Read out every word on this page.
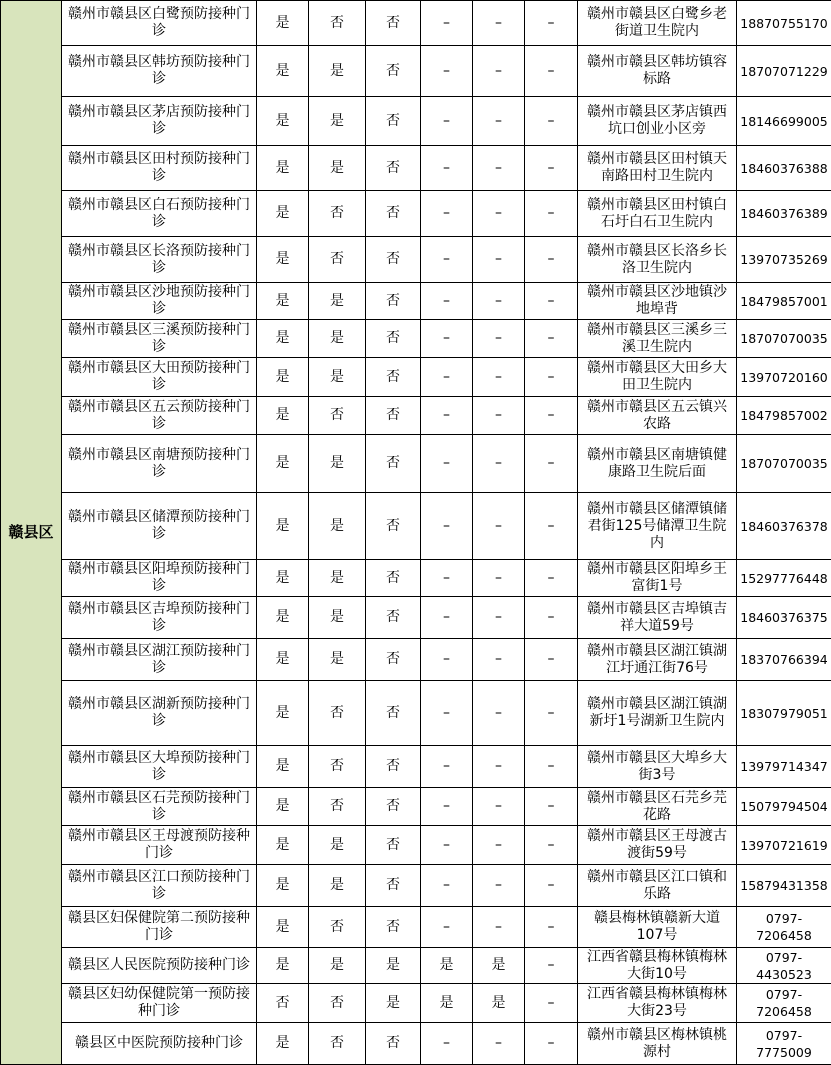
赣县区	赣州市赣县区白鹭预防接种门诊	是	否	否	–	–	–	赣州市赣县区白鹭乡老街道卫生院内	18870755170
	赣州市赣县区韩坊预防接种门诊	是	是	否	–	–	–	赣州市赣县区韩坊镇容标路	18707071229
	赣州市赣县区茅店预防接种门诊	是	是	否	–	–	–	赣州市赣县区茅店镇西坑口创业小区旁	18146699005
	赣州市赣县区田村预防接种门诊	是	是	否	–	–	–	赣州市赣县区田村镇天南路田村卫生院内	18460376388
	赣州市赣县区白石预防接种门诊	是	否	否	–	–	–	赣州市赣县区田村镇白石圩白石卫生院内	18460376389
	赣州市赣县区长洛预防接种门诊	是	否	否	–	–	–	赣州市赣县区长洛乡长洛卫生院内	13970735269
	赣州市赣县区沙地预防接种门诊	是	是	否	–	–	–	赣州市赣县区沙地镇沙地埠背	18479857001
	赣州市赣县区三溪预防接种门诊	是	是	否	–	–	–	赣州市赣县区三溪乡三溪卫生院内	18707070035
	赣州市赣县区大田预防接种门诊	是	是	否	–	–	–	赣州市赣县区大田乡大田卫生院内	13970720160
	赣州市赣县区五云预防接种门诊	是	否	否	–	–	–	赣州市赣县区五云镇兴农路	18479857002
	赣州市赣县区南塘预防接种门诊	是	是	否	–	–	–	赣州市赣县区南塘镇健康路卫生院后面	18707070035
	赣州市赣县区储潭预防接种门诊	是	是	否	–	–	–	赣州市赣县区储潭镇储君街125号储潭卫生院内	18460376378
	赣州市赣县区阳埠预防接种门诊	是	是	否	–	–	–	赣州市赣县区阳埠乡王富街1号	15297776448
	赣州市赣县区吉埠预防接种门诊	是	是	否	–	–	–	赣州市赣县区吉埠镇吉祥大道59号	18460376375
	赣州市赣县区湖江预防接种门诊	是	是	否	–	–	–	赣州市赣县区湖江镇湖江圩通江街76号	18370766394
	赣州市赣县区湖新预防接种门诊	是	否	否	–	–	–	赣州市赣县区湖江镇湖新圩1号湖新卫生院内	18307979051
	赣州市赣县区大埠预防接种门诊	是	否	否	–	–	–	赣州市赣县区大埠乡大街3号	13979714347
	赣州市赣县区石芫预防接种门诊	是	否	否	–	–	–	赣州市赣县区石芫乡芫花路	15079794504
	赣州市赣县区王母渡预防接种门诊	是	是	否	–	–	–	赣州市赣县区王母渡古渡街59号	13970721619
	赣州市赣县区江口预防接种门诊	是	是	否	–	–	–	赣州市赣县区江口镇和乐路	15879431358
	赣县区妇保健院第二预防接种门诊	是	否	否	–	–	–	赣县梅林镇赣新大道107号	0797-7206458
	赣县区人民医院预防接种门诊	是	是	是	是	是	–	江西省赣县梅林镇梅林大街10号	0797-4430523
	赣县区妇幼保健院第一预防接种门诊	否	否	是	是	是	–	江西省赣县梅林镇梅林大街23号	0797-7206458
	赣县区中医院预防接种门诊	是	否	否	–	–	–	赣州市赣县区梅林镇桃源村	0797-7775009
